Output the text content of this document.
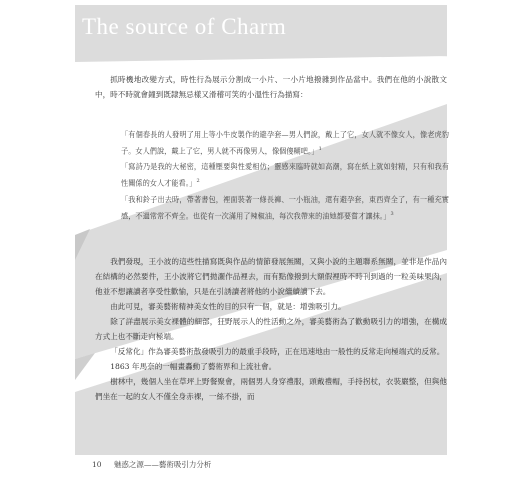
The source of Charm

抓時機地改變方式，時性行為展示分割成一小片、一小片地撥雜到作品當中。我們在他的小說散文中，時不時就會鐘到既隸無忌樣又滑稽可笑的小溫性行為描寫：

「有個春長的人發明了用上等小牛皮製作的避孕套—男人們說，戴上了它，女人就不像女人，像老虎豹子。女人們說，戴上了它，男人就不再像男人，像個傻糊吧。」$^1$

「寫詩乃是我的大秘密，這種壓要與性愛相仿；靈感來臨時就如高潮，寫在紙上就如射精，只有和我有性關係的女人才能看。」$^2$

「我和鈴子出去時，帶著書包，裡面裝著一條長褲、一小瓶油，還有避孕套，東西齊全了，有一種充實感，不過常常不齊全。也從有一次滿用了辣椒油，每次我帶來的油她都要嘗才讓抹。」$^3$

我們發現，王小波的這些性描寫既與作品的情節發展無關，又與小說的主題聯系無關，並非是作品內在結構的必然要件，王小波將它們拋灑作品裡去，而有點像撥到大額假裡時不時刊到過的一粒美味果肉，他並不想讓讀者享受性歡愉，只是在引誘讀者將他的小說繼續讀下去。

由此可見，審美藝術精神美女性的目的只有一個，就是：增強吸引力。

除了詳盡展示美女裸體的細部，狂野展示人的性活動之外，審美藝術為了歡動吸引力的增強，在構成方式上也不斷走向極端。

「反常化」作為審美藝術散發吸引力的最重手段時，正在迅速地由一般性的反常走向極端式的反常。

1863 年馬奈的一幅畫轟動了藝術界和上流社會。

樹林中，幾個人坐在草坪上野餐聚會，兩個男人身穿禮服，頭戴禮帽，手持拐杖，衣裝嚴整，但與他們坐在一起的女人不僅全身赤裸，一絲不掛，而

10 魅惑之源——藝術吸引力分析
